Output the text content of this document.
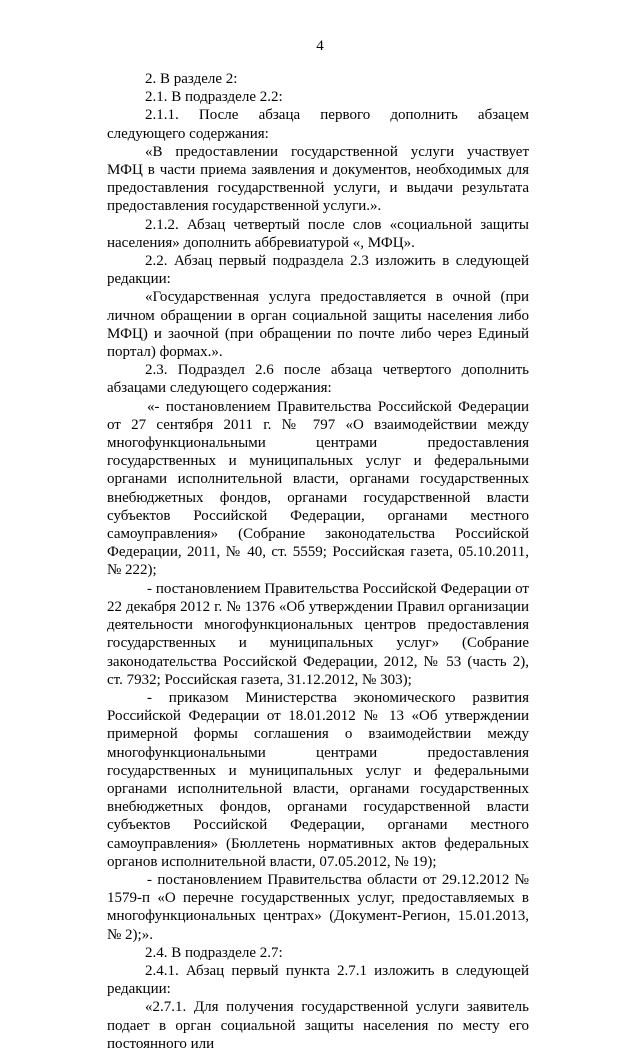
4

2. В разделе 2:

2.1. В подразделе 2.2:

2.1.1. После абзаца первого дополнить абзацем следующего содержания:

«В предоставлении государственной услуги участвует МФЦ в части приема заявления и документов, необходимых для предоставления государственной услуги, и выдачи результата предоставления государственной услуги.».

2.1.2. Абзац четвертый после слов «социальной защиты населения» дополнить аббревиатурой «, МФЦ».

2.2. Абзац первый подраздела 2.3 изложить в следующей редакции:

«Государственная услуга предоставляется в очной (при личном обращении в орган социальной защиты населения либо МФЦ) и заочной (при обращении по почте либо через Единый портал) формах.».

2.3. Подраздел 2.6 после абзаца четвертого дополнить абзацами следующего содержания:

«- постановлением Правительства Российской Федерации от 27 сентября 2011 г. № 797 «О взаимодействии между многофункциональными центрами предоставления государственных и муниципальных услуг и федеральными органами исполнительной власти, органами государственных внебюджетных фондов, органами государственной власти субъектов Российской Федерации, органами местного самоуправления» (Собрание законодательства Российской Федерации, 2011, № 40, ст. 5559; Российская газета, 05.10.2011, № 222);

- постановлением Правительства Российской Федерации от 22 декабря 2012 г. № 1376 «Об утверждении Правил организации деятельности многофункциональных центров предоставления государственных и муниципальных услуг» (Собрание законодательства Российской Федерации, 2012, № 53 (часть 2), ст. 7932; Российская газета, 31.12.2012, № 303);

- приказом Министерства экономического развития Российской Федерации от 18.01.2012 № 13 «Об утверждении примерной формы соглашения о взаимодействии между многофункциональными центрами предоставления государственных и муниципальных услуг и федеральными органами исполнительной власти, органами государственных внебюджетных фондов, органами государственной власти субъектов Российской Федерации, органами местного самоуправления» (Бюллетень нормативных актов федеральных органов исполнительной власти, 07.05.2012, № 19);

- постановлением Правительства области от 29.12.2012 № 1579-п «О перечне государственных услуг, предоставляемых в многофункциональных центрах» (Документ-Регион, 15.01.2013, № 2);».

2.4. В подразделе 2.7:

2.4.1. Абзац первый пункта 2.7.1 изложить в следующей редакции:

«2.7.1. Для получения государственной услуги заявитель подает в орган социальной защиты населения по месту его постоянного или
